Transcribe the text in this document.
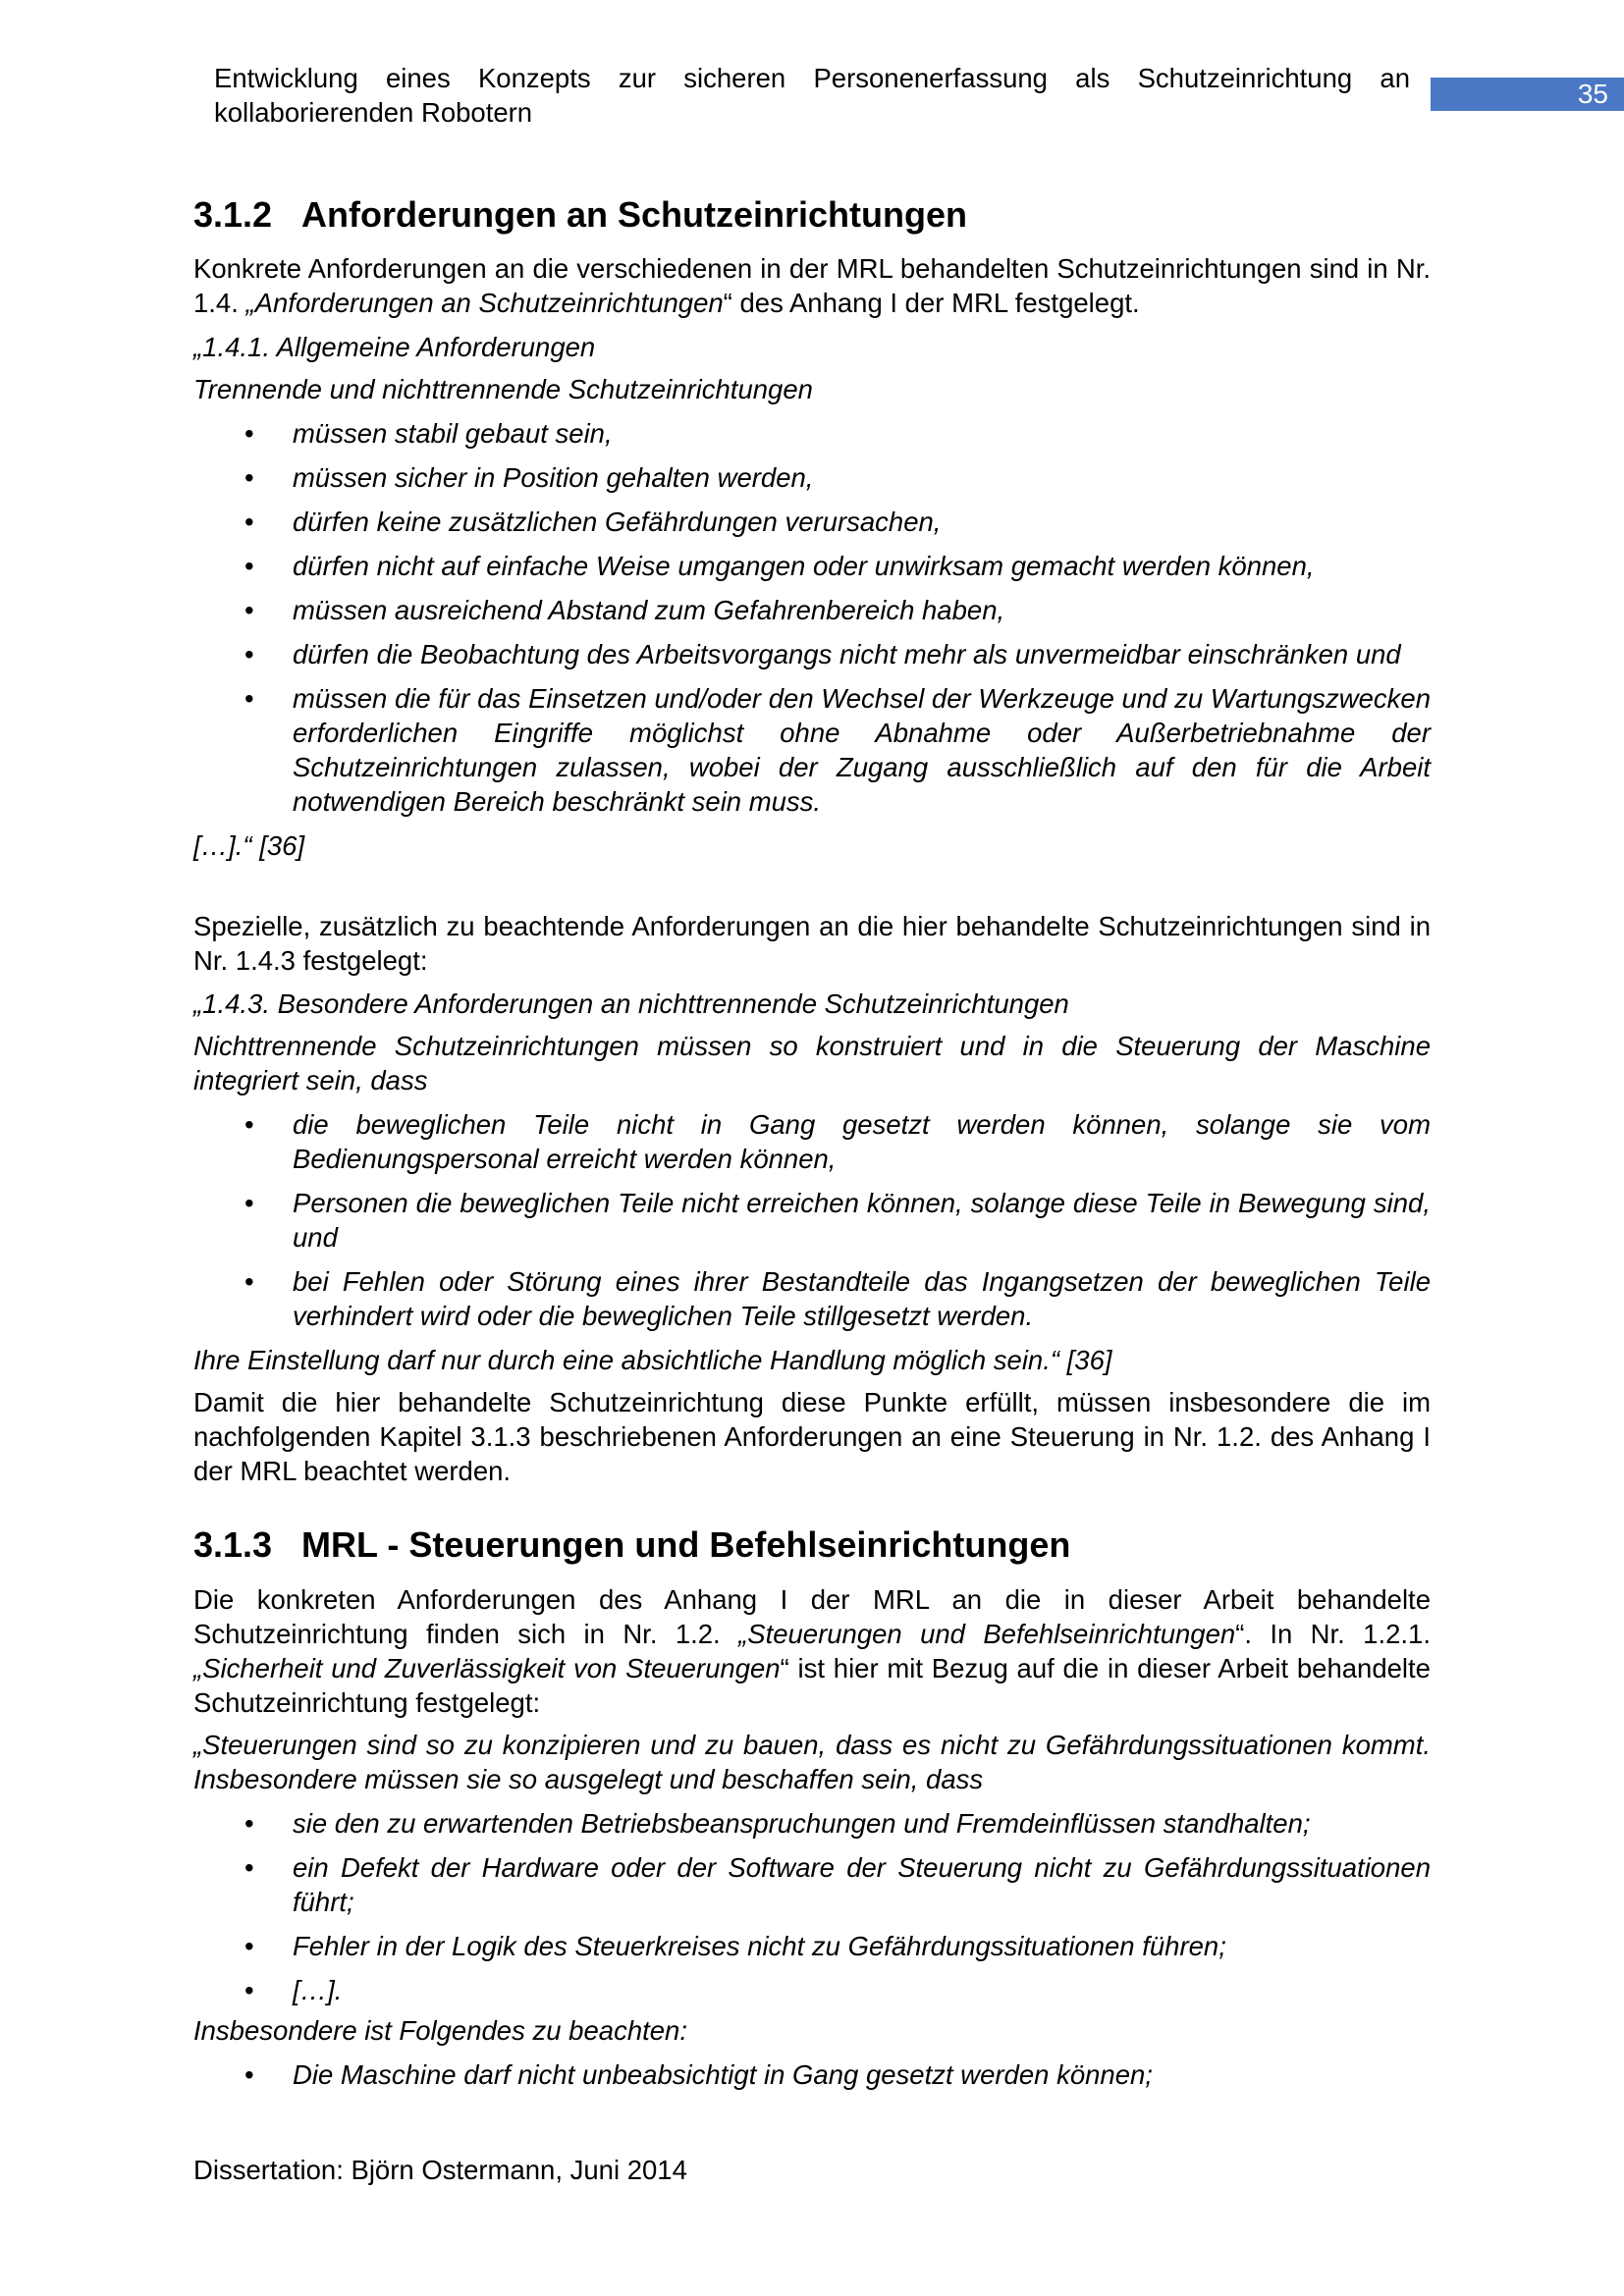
Entwicklung eines Konzepts zur sicheren Personenerfassung als Schutzeinrichtung an kollaborierenden Robotern
35
3.1.2 Anforderungen an Schutzeinrichtungen
Konkrete Anforderungen an die verschiedenen in der MRL behandelten Schutzeinrichtungen sind in Nr. 1.4. „Anforderungen an Schutzeinrichtungen“ des Anhang I der MRL festgelegt.
„1.4.1. Allgemeine Anforderungen
Trennende und nichttrennende Schutzeinrichtungen
• müssen stabil gebaut sein,
• müssen sicher in Position gehalten werden,
• dürfen keine zusätzlichen Gefährdungen verursachen,
• dürfen nicht auf einfache Weise umgangen oder unwirksam gemacht werden können,
• müssen ausreichend Abstand zum Gefahrenbereich haben,
• dürfen die Beobachtung des Arbeitsvorgangs nicht mehr als unvermeidbar einschränken und
• müssen die für das Einsetzen und/oder den Wechsel der Werkzeuge und zu Wartungszwecken erforderlichen Eingriffe möglichst ohne Abnahme oder Außerbetriebnahme der Schutzeinrichtungen zulassen, wobei der Zugang ausschließlich auf den für die Arbeit notwendigen Bereich beschränkt sein muss.
[…].“ [36]
Spezielle, zusätzlich zu beachtende Anforderungen an die hier behandelte Schutzeinrichtungen sind in Nr. 1.4.3 festgelegt:
„1.4.3. Besondere Anforderungen an nichttrennende Schutzeinrichtungen
Nichttrennende Schutzeinrichtungen müssen so konstruiert und in die Steuerung der Maschine integriert sein, dass
• die beweglichen Teile nicht in Gang gesetzt werden können, solange sie vom Bedienungspersonal erreicht werden können,
• Personen die beweglichen Teile nicht erreichen können, solange diese Teile in Bewegung sind, und
• bei Fehlen oder Störung eines ihrer Bestandteile das Ingangsetzen der beweglichen Teile verhindert wird oder die beweglichen Teile stillgesetzt werden.
Ihre Einstellung darf nur durch eine absichtliche Handlung möglich sein.“ [36]
Damit die hier behandelte Schutzeinrichtung diese Punkte erfüllt, müssen insbesondere die im nachfolgenden Kapitel 3.1.3 beschriebenen Anforderungen an eine Steuerung in Nr. 1.2. des Anhang I der MRL beachtet werden.
3.1.3 MRL - Steuerungen und Befehlseinrichtungen
Die konkreten Anforderungen des Anhang I der MRL an die in dieser Arbeit behandelte Schutzeinrichtung finden sich in Nr. 1.2. „Steuerungen und Befehlseinrichtungen“. In Nr. 1.2.1. „Sicherheit und Zuverlässigkeit von Steuerungen“ ist hier mit Bezug auf die in dieser Arbeit behandelte Schutzeinrichtung festgelegt:
„Steuerungen sind so zu konzipieren und zu bauen, dass es nicht zu Gefährdungssituationen kommt. Insbesondere müssen sie so ausgelegt und beschaffen sein, dass
• sie den zu erwartenden Betriebsbeanspruchungen und Fremdeinflüssen standhalten;
• ein Defekt der Hardware oder der Software der Steuerung nicht zu Gefährdungssituationen führt;
• Fehler in der Logik des Steuerkreises nicht zu Gefährdungssituationen führen;
• […].
Insbesondere ist Folgendes zu beachten:
• Die Maschine darf nicht unbeabsichtigt in Gang gesetzt werden können;
Dissertation: Björn Ostermann, Juni 2014
